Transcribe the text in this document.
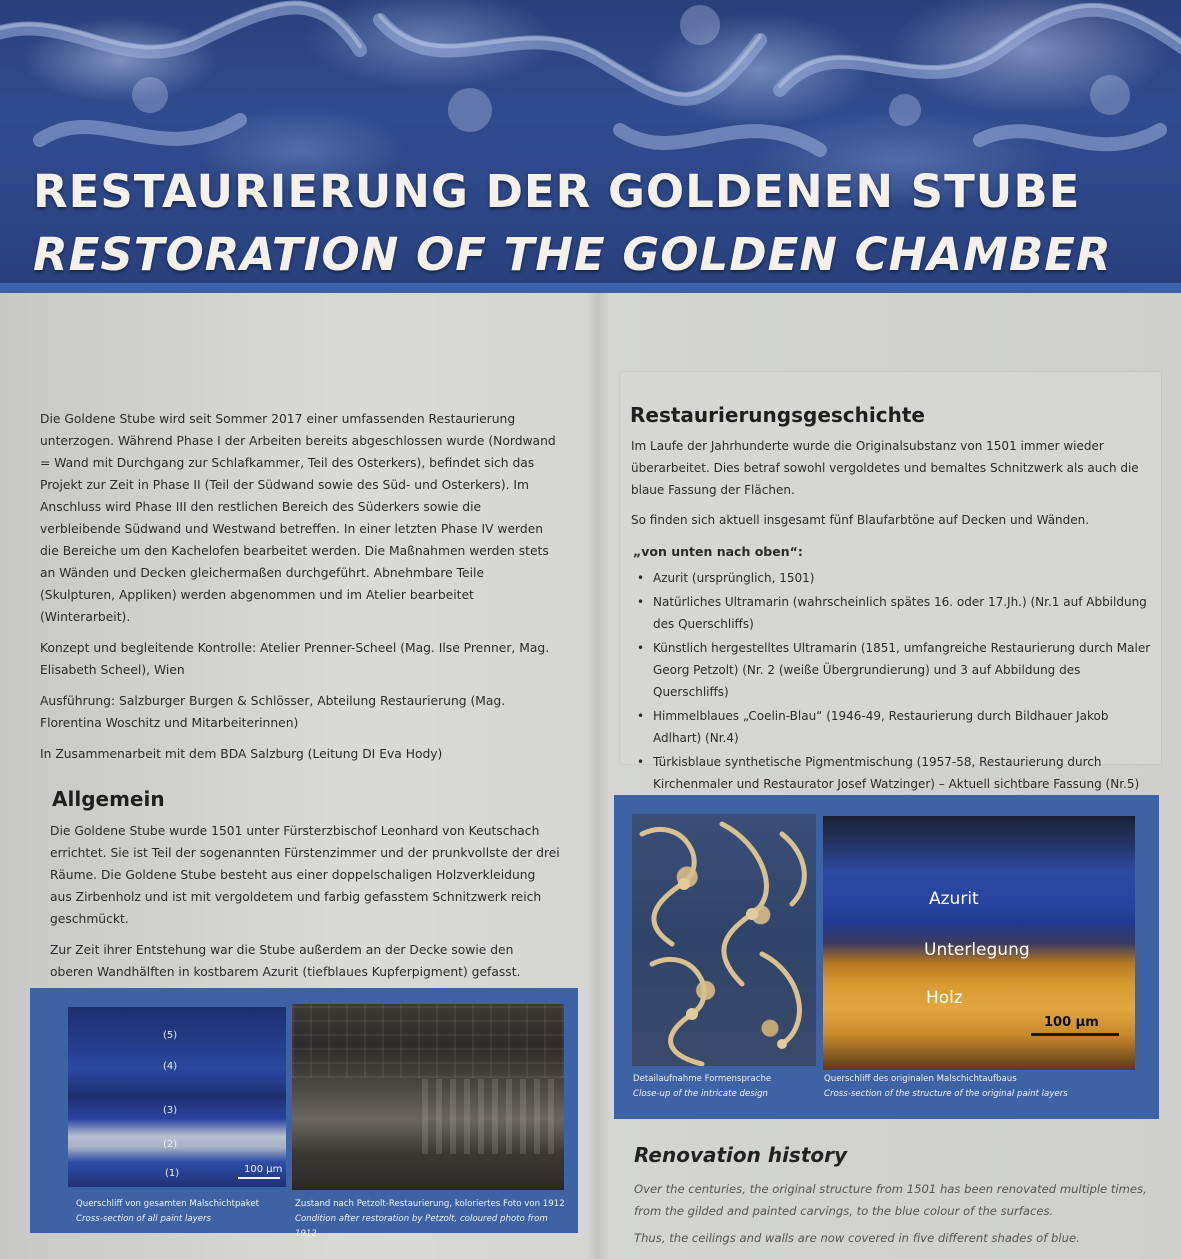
RESTAURIERUNG DER GOLDENEN STUBE
RESTORATION OF THE GOLDEN CHAMBER

Die Goldene Stube wird seit Sommer 2017 einer umfassenden Restaurierung unterzogen. Während Phase I der Arbeiten bereits abgeschlossen wurde (Nordwand = Wand mit Durchgang zur Schlafkammer, Teil des Osterkers), befindet sich das Projekt zur Zeit in Phase II (Teil der Südwand sowie des Süd- und Osterkers). Im Anschluss wird Phase III den restlichen Bereich des Süderkers sowie die verbleibende Südwand und Westwand betreffen. In einer letzten Phase IV werden die Bereiche um den Kachelofen bearbeitet werden. Die Maßnahmen werden stets an Wänden und Decken gleichermaßen durchgeführt. Abnehmbare Teile (Skulpturen, Appliken) werden abgenommen und im Atelier bearbeitet (Winterarbeit).

Konzept und begleitende Kontrolle: Atelier Prenner-Scheel (Mag. Ilse Prenner, Mag. Elisabeth Scheel), Wien

Ausführung: Salzburger Burgen & Schlösser, Abteilung Restaurierung (Mag. Florentina Woschitz und Mitarbeiterinnen)

In Zusammenarbeit mit dem BDA Salzburg (Leitung DI Eva Hody)

Allgemein

Die Goldene Stube wurde 1501 unter Fürsterzbischof Leonhard von Keutschach errichtet. Sie ist Teil der sogenannten Fürstenzimmer und der prunkvollste der drei Räume. Die Goldene Stube besteht aus einer doppelschaligen Holzverkleidung aus Zirbenholz und ist mit vergoldetem und farbig gefasstem Schnitzwerk reich geschmückt.

Zur Zeit ihrer Entstehung war die Stube außerdem an der Decke sowie den oberen Wandhälften in kostbarem Azurit (tiefblaues Kupferpigment) gefasst.

Restaurierungsgeschichte

Im Laufe der Jahrhunderte wurde die Originalsubstanz von 1501 immer wieder überarbeitet. Dies betraf sowohl vergoldetes und bemaltes Schnitzwerk als auch die blaue Fassung der Flächen.

So finden sich aktuell insgesamt fünf Blaufarbtöne auf Decken und Wänden.

„von unten nach oben“:
• Azurit (ursprünglich, 1501)
• Natürliches Ultramarin (wahrscheinlich spätes 16. oder 17.Jh.) (Nr.1 auf Abbildung des Querschliffs)
• Künstlich hergestelltes Ultramarin (1851, umfangreiche Restaurierung durch Maler Georg Petzolt) (Nr. 2 (weiße Übergrundierung) und 3 auf Abbildung des Querschliffs)
• Himmelblaues „Coelin-Blau“ (1946-49, Restaurierung durch Bildhauer Jakob Adlhart) (Nr.4)
• Türkisblaue synthetische Pigmentmischung (1957-58, Restaurierung durch Kirchenmaler und Restaurator Josef Watzinger) – Aktuell sichtbare Fassung (Nr.5)
(5)
(4)
(3)
(2)
(1)	100 µm
Querschliff von gesamten Malschichtpaket
Cross-section of all paint layers
Zustand nach Petzolt-Restaurierung, koloriertes Foto von 1912
Condition after restoration by Petzolt, coloured photo from 1912
Azurit
Unterlegung
Holz
100 µm
Detailaufnahme Formensprache
Close-up of the intricate design
Querschliff des originalen Malschichtaufbaus
Cross-section of the structure of the original paint layers
Renovation history

Over the centuries, the original structure from 1501 has been renovated multiple times, from the gilded and painted carvings, to the blue colour of the surfaces.

Thus, the ceilings and walls are now covered in five different shades of blue.
